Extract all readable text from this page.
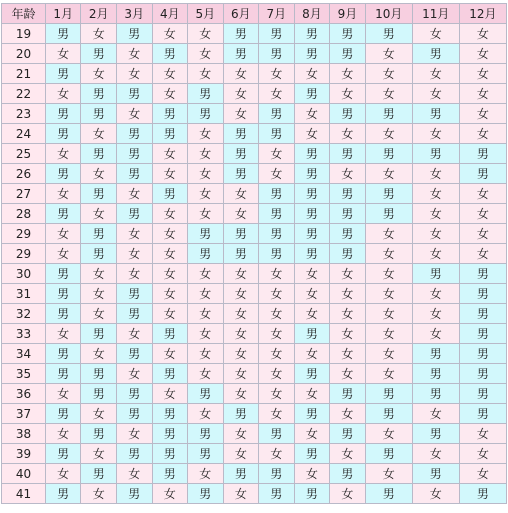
年龄	1月	2月	3月	4月	5月	6月	7月	8月	9月	10月	11月	12月
19	男	女	男	女	女	男	男	男	男	男	女	女
20	女	男	女	男	女	男	男	男	男	女	男	女
21	男	女	女	女	女	女	女	女	女	女	女	女
22	女	男	男	女	男	女	女	男	女	女	女	女
23	男	男	女	男	男	女	男	女	男	男	男	女
24	男	女	男	男	女	男	男	女	女	女	女	女
25	女	男	男	女	女	男	女	男	男	男	男	男
26	男	女	男	女	女	男	女	男	女	女	女	男
27	女	男	女	男	女	女	男	男	男	男	女	女
28	男	女	男	女	女	女	男	男	男	男	女	女
29	女	男	女	女	男	男	男	男	男	女	女	女
29	女	男	女	女	男	男	男	男	男	女	女	女
30	男	女	女	女	女	女	女	女	女	女	男	男
31	男	女	男	女	女	女	女	女	女	女	女	男
32	男	女	男	女	女	女	女	女	女	女	女	男
33	女	男	女	男	女	女	女	男	女	女	女	男
34	男	女	男	女	女	女	女	女	女	女	男	男
35	男	男	女	男	女	女	女	男	女	女	男	男
36	女	男	男	女	男	女	女	女	男	男	男	男
37	男	女	男	男	女	男	女	男	女	男	女	男
38	女	男	女	男	男	女	男	女	男	女	男	女
39	男	女	男	男	男	女	女	男	女	男	女	女
40	女	男	女	男	女	男	男	女	男	女	男	女
41	男	女	男	女	男	女	男	男	女	男	女	男
